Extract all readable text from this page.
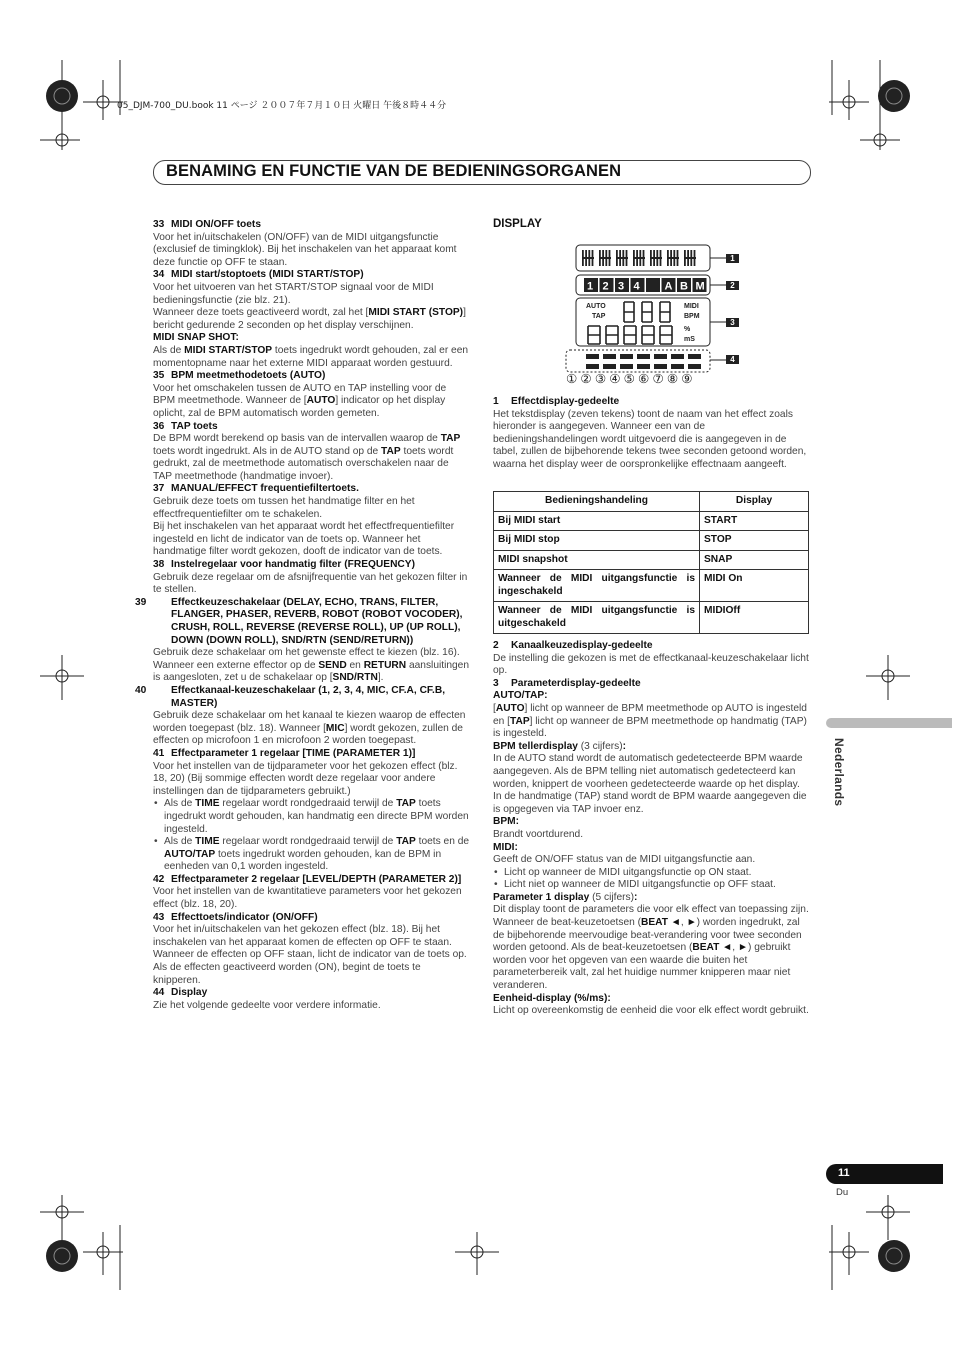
05_DJM-700_DU.book 11 ページ ２００７年７月１０日 火曜日 午後８時４４分
BENAMING EN FUNCTIE VAN DE BEDIENINGSORGANEN

33 MIDI ON/OFF toets

Voor het in/uitschakelen (ON/OFF) van de MIDI uitgangsfunctie (exclusief de timingklok). Bij het inschakelen van het apparaat komt deze functie op OFF te staan.

34 MIDI start/stoptoets (MIDI START/STOP)

Voor het uitvoeren van het START/STOP signaal voor de MIDI bedieningsfunctie (zie blz. 21).

Wanneer deze toets geactiveerd wordt, zal het [MIDI START (STOP)] bericht gedurende 2 seconden op het display verschijnen.

MIDI SNAP SHOT:

Als de MIDI START/STOP toets ingedrukt wordt gehouden, zal er een momentopname naar het externe MIDI apparaat worden gestuurd.

35 BPM meetmethodetoets (AUTO)

Voor het omschakelen tussen de AUTO en TAP instelling voor de BPM meetmethode. Wanneer de [AUTO] indicator op het display oplicht, zal de BPM automatisch worden gemeten.

36 TAP toets

De BPM wordt berekend op basis van de intervallen waarop de TAP toets wordt ingedrukt. Als in de AUTO stand op de TAP toets wordt gedrukt, zal de meetmethode automatisch overschakelen naar de TAP meetmethode (handmatige invoer).

37 MANUAL/EFFECT frequentiefiltertoets.

Gebruik deze toets om tussen het handmatige filter en het effectfrequentiefilter om te schakelen.

Bij het inschakelen van het apparaat wordt het effectfrequentiefilter ingesteld en licht de indicator van de toets op. Wanneer het handmatige filter wordt gekozen, dooft de indicator van de toets.

38 Instelregelaar voor handmatig filter (FREQUENCY)

Gebruik deze regelaar om de afsnijfrequentie van het gekozen filter in te stellen.

39 Effectkeuzeschakelaar (DELAY, ECHO, TRANS, FILTER, FLANGER, PHASER, REVERB, ROBOT (ROBOT VOCODER), CRUSH, ROLL, REVERSE (REVERSE ROLL), UP (UP ROLL), DOWN (DOWN ROLL), SND/RTN (SEND/RETURN))

Gebruik deze schakelaar om het gewenste effect te kiezen (blz. 16). Wanneer een externe effector op de SEND en RETURN aansluitingen is aangesloten, zet u de schakelaar op [SND/RTN].

40 Effectkanaal-keuzeschakelaar (1, 2, 3, 4, MIC, CF.A, CF.B, MASTER)

Gebruik deze schakelaar om het kanaal te kiezen waarop de effecten worden toegepast (blz. 18). Wanneer [MIC] wordt gekozen, zullen de effecten op microfoon 1 en microfoon 2 worden toegepast.

41 Effectparameter 1 regelaar [TIME (PARAMETER 1)]

Voor het instellen van de tijdparameter voor het gekozen effect (blz. 18, 20) (Bij sommige effecten wordt deze regelaar voor andere instellingen dan de tijdparameters gebruikt.)

• Als de TIME regelaar wordt rondgedraaid terwijl de TAP toets ingedrukt wordt gehouden, kan handmatig een directe BPM worden ingesteld.

• Als de TIME regelaar wordt rondgedraaid terwijl de TAP toets en de AUTO/TAP toets ingedrukt worden gehouden, kan de BPM in eenheden van 0,1 worden ingesteld.

42 Effectparameter 2 regelaar [LEVEL/DEPTH (PARAMETER 2)]

Voor het instellen van de kwantitatieve parameters voor het gekozen effect (blz. 18, 20).

43 Effecttoets/indicator (ON/OFF)

Voor het in/uitschakelen van het gekozen effect (blz. 18). Bij het inschakelen van het apparaat komen de effecten op OFF te staan. Wanneer de effecten op OFF staan, licht de indicator van de toets op. Als de effecten geactiveerd worden (ON), begint de toets te knipperen.

44 Display

Zie het volgende gedeelte voor verdere informatie.

DISPLAY
AUTO
TAP
MIDI
BPM
%
mS
1 2 3 4 A B M
1
2
3
4
①②③④⑤⑥⑦⑧⑨

1 Effectdisplay-gedeelte

Het tekstdisplay (zeven tekens) toont de naam van het effect zoals hieronder is aangegeven. Wanneer een van de bedieningshandelingen wordt uitgevoerd die is aangegeven in de tabel, zullen de bijbehorende tekens twee seconden getoond worden, waarna het display weer de oorspronkelijke effectnaam aangeeft.

Bedieningshandeling	Display
Bij MIDI start	START
Bij MIDI stop	STOP
MIDI snapshot	SNAP
Wanneer de MIDI uitgangsfunctie is ingeschakeld	MIDI On
Wanneer de MIDI uitgangsfunctie is uitgeschakeld	MIDIOff

2 Kanaalkeuzedisplay-gedeelte

De instelling die gekozen is met de effectkanaal-keuzeschakelaar licht op.

3 Parameterdisplay-gedeelte

AUTO/TAP:

[AUTO] licht op wanneer de BPM meetmethode op AUTO is ingesteld en [TAP] licht op wanneer de BPM meetmethode op handmatig (TAP) is ingesteld.

BPM tellerdisplay (3 cijfers):

In de AUTO stand wordt de automatisch gedetecteerde BPM waarde aangegeven. Als de BPM telling niet automatisch gedetecteerd kan worden, knippert de voorheen gedetecteerde waarde op het display. In de handmatige (TAP) stand wordt de BPM waarde aangegeven die is opgegeven via TAP invoer enz.

BPM:

Brandt voortdurend.

MIDI:

Geeft de ON/OFF status van de MIDI uitgangsfunctie aan.

• Licht op wanneer de MIDI uitgangsfunctie op ON staat.

• Licht niet op wanneer de MIDI uitgangsfunctie op OFF staat.

Parameter 1 display (5 cijfers):

Dit display toont de parameters die voor elk effect van toepassing zijn. Wanneer de beat-keuzetoetsen (BEAT ◄, ►) worden ingedrukt, zal de bijbehorende meervoudige beat-verandering voor twee seconden worden getoond. Als de beat-keuzetoetsen (BEAT ◄, ►) gebruikt worden voor het opgeven van een waarde die buiten het parameterbereik valt, zal het huidige nummer knipperen maar niet veranderen.

Eenheid-display (%/ms):

Licht op overeenkomstig de eenheid die voor elk effect wordt gebruikt.

Nederlands
11
Du
